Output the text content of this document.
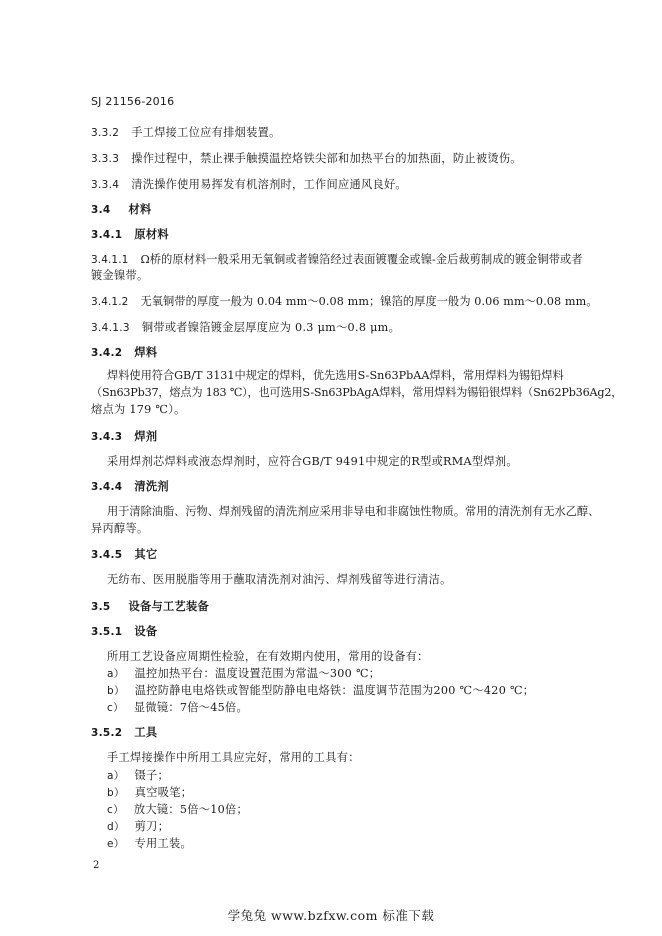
SJ 21156-2016
3.3.2 手工焊接工位应有排烟装置。
3.3.3 操作过程中，禁止裸手触摸温控烙铁尖部和加热平台的加热面，防止被烫伤。
3.3.4 清洗操作使用易挥发有机溶剂时，工作间应通风良好。
3.4 材料
3.4.1 原材料
3.4.1.1 Ω桥的原材料一般采用无氧铜或者镍箔经过表面镀覆金或镍-金后裁剪制成的镀金铜带或者
镀金镍带。
3.4.1.2 无氧铜带的厚度一般为 0.04 mm～0.08 mm；镍箔的厚度一般为 0.06 mm～0.08 mm。
3.4.1.3 铜带或者镍箔镀金层厚度应为 0.3 μm～0.8 μm。
3.4.2 焊料
焊料使用符合GB/T 3131中规定的焊料，优先选用S-Sn63PbAA焊料，常用焊料为锡铅焊料
（Sn63Pb37，熔点为 183 ℃），也可选用S-Sn63PbAgA焊料，常用焊料为锡铅银焊料（Sn62Pb36Ag2，
熔点为 179 ℃）。
3.4.3 焊剂
采用焊剂芯焊料或液态焊剂时，应符合GB/T 9491中规定的R型或RMA型焊剂。
3.4.4 清洗剂
用于清除油脂、污物、焊剂残留的清洗剂应采用非导电和非腐蚀性物质。常用的清洗剂有无水乙醇、
异丙醇等。
3.4.5 其它
无纺布、医用脱脂等用于蘸取清洗剂对油污、焊剂残留等进行清洁。
3.5 设备与工艺装备
3.5.1 设备
所用工艺设备应周期性检验，在有效期内使用，常用的设备有：
a） 温控加热平台：温度设置范围为常温～300 ℃；
b） 温控防静电电烙铁或智能型防静电电烙铁：温度调节范围为200 ℃～420 ℃；
c） 显微镜：7倍～45倍。
3.5.2 工具
手工焊接操作中所用工具应完好，常用的工具有：
a） 镊子；
b） 真空吸笔；
c） 放大镜：5倍～10倍；
d） 剪刀；
e） 专用工装。
2
学兔兔 www.bzfxw.com 标准下载
